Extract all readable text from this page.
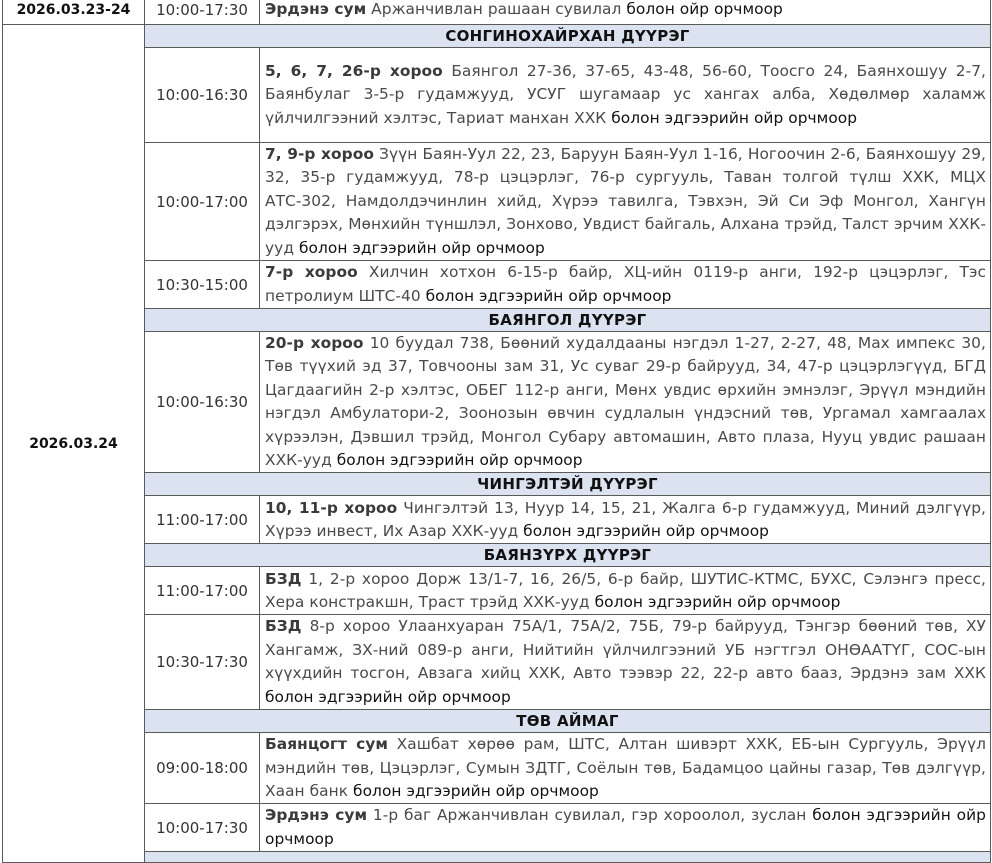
2026.03.23-24	10:00-17:30	Эрдэнэ сум Аржанчивлан рашаан сувилал болон ойр орчмоор
2026.03.24	СОНГИНОХАЙРХАН ДҮҮРЭГ	
	10:00-16:30	5, 6, 7, 26-р хороо Баянгол 27-36, 37-65, 43-48, 56-60, Тоосго 24, Баянхошуу 2-7, Баянбулаг 3-5-р гудамжууд, УСУГ шугамаар ус хангах алба, Хөдөлмөр халамж үйлчилгээний хэлтэс, Тариат манхан ХХК болон эдгээрийн ойр орчмоор
	10:00-17:00	7, 9-р хороо Зүүн Баян-Уул 22, 23, Баруун Баян-Уул 1-16, Ногоочин 2-6, Баянхошуу 29, 32, 35-р гудамжууд, 78-р цэцэрлэг, 76-р сургууль, Таван толгой түлш ХХК, МЦХ АТС-302, Намдолдэчинлин хийд, Хүрээ тавилга, Тэвхэн, Эй Си Эф Монгол, Хангүн дэлгэрэх, Мөнхийн түншлэл, Зонхово, Увдист байгаль, Алхана трэйд, Талст эрчим ХХК-ууд болон эдгээрийн ойр орчмоор
	10:30-15:00	7-р хороо Хилчин хотхон 6-15-р байр, ХЦ-ийн 0119-р анги, 192-р цэцэрлэг, Тэс петролиум ШТС-40 болон эдгээрийн ойр орчмоор
	БАЯНГОЛ ДҮҮРЭГ	
	10:00-16:30	20-р хороо 10 буудал 738, Бөөний худалдааны нэгдэл 1-27, 2-27, 48, Мах импекс 30, Төв түүхий эд 37, Товчооны зам 31, Ус суваг 29-р байрууд, 34, 47-р цэцэрлэгүүд, БГД Цагдаагийн 2-р хэлтэс, ОБЕГ 112-р анги, Мөнх увдис өрхийн эмнэлэг, Эрүүл мэндийн нэгдэл Амбулатори-2, Зоонозын өвчин судлалын үндэсний төв, Ургамал хамгаалах хүрээлэн, Дэвшил трэйд, Монгол Субару автомашин, Авто плаза, Нууц увдис рашаан ХХК-ууд болон эдгээрийн ойр орчмоор
	ЧИНГЭЛТЭЙ ДҮҮРЭГ	
	11:00-17:00	10, 11-р хороо Чингэлтэй 13, Нуур 14, 15, 21, Жалга 6-р гудамжууд, Миний дэлгүүр, Хүрээ инвест, Их Азар ХХК-ууд болон эдгээрийн ойр орчмоор
	БАЯНЗҮРХ ДҮҮРЭГ	
	11:00-17:00	БЗД 1, 2-р хороо Дорж 13/1-7, 16, 26/5, 6-р байр, ШУТИС-КТМС, БУХС, Сэлэнгэ пресс, Хера констракшн, Траст трэйд ХХК-ууд болон эдгээрийн ойр орчмоор
	10:30-17:30	БЗД 8-р хороо Улаанхуаран 75А/1, 75А/2, 75Б, 79-р байрууд, Тэнгэр бөөний төв, ХУ Хангамж, ЗХ-ний 089-р анги, Нийтийн үйлчилгээний УБ нэгтгэл ОНӨААТҮГ, СОС-ын хүүхдийн тосгон, Авзага хийц ХХК, Авто тээвэр 22, 22-р авто бааз, Эрдэнэ зам ХХК болон эдгээрийн ойр орчмоор
	ТӨВ АЙМАГ	
	09:00-18:00	Баянцогт сум Хашбат хөрөө рам, ШТС, Алтан шивэрт ХХК, ЕБ-ын Сургууль, Эрүүл мэндийн төв, Цэцэрлэг, Сумын ЗДТГ, Соёлын төв, Бадамцоо цайны газар, Төв дэлгүүр, Хаан банк болон эдгээрийн ойр орчмоор
	10:00-17:30	Эрдэнэ сум 1-р баг Аржанчивлан сувилал, гэр хороолол, зуслан болон эдгээрийн ойр орчмоор
